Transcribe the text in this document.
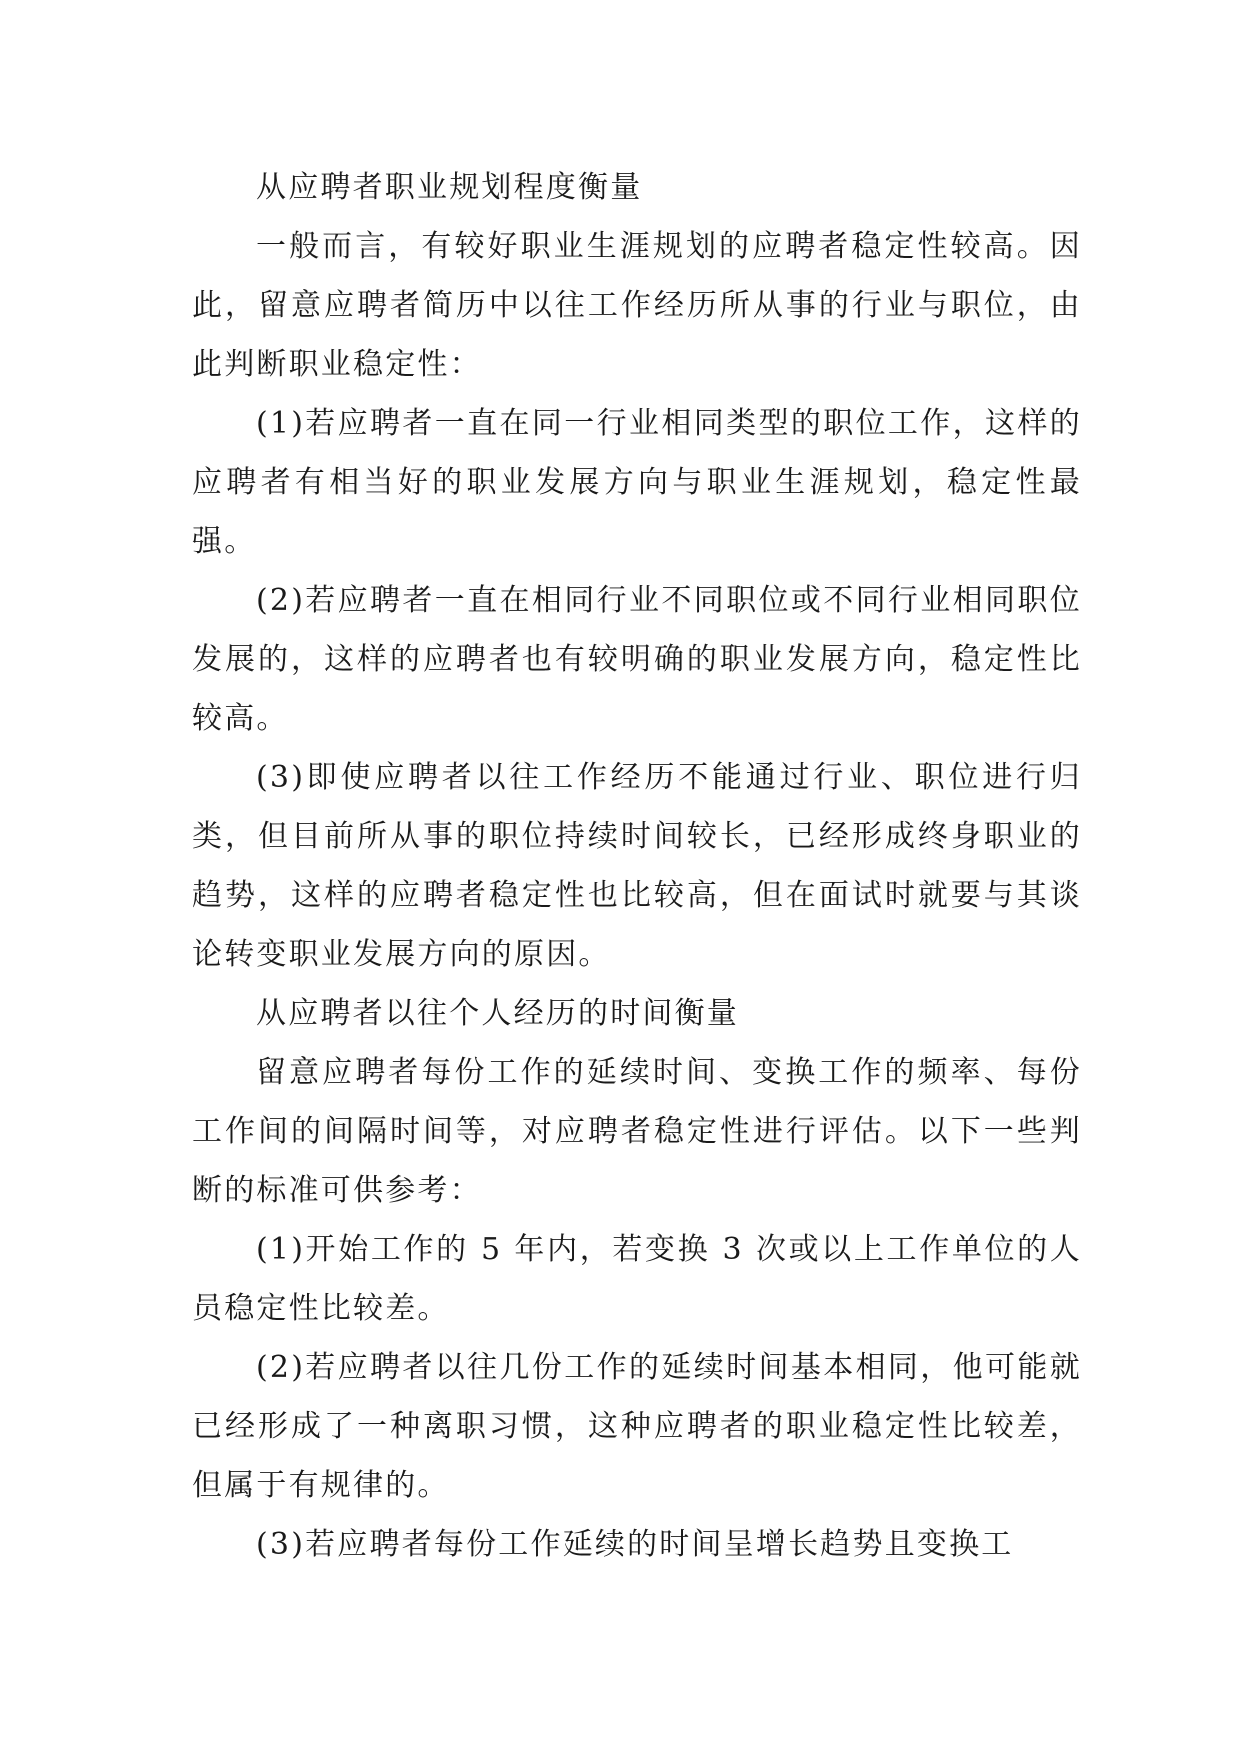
从应聘者职业规划程度衡量

一般而言，有较好职业生涯规划的应聘者稳定性较高。因此，留意应聘者简历中以往工作经历所从事的行业与职位，由此判断职业稳定性：

(1)若应聘者一直在同一行业相同类型的职位工作，这样的应聘者有相当好的职业发展方向与职业生涯规划，稳定性最强。

(2)若应聘者一直在相同行业不同职位或不同行业相同职位发展的，这样的应聘者也有较明确的职业发展方向，稳定性比较高。

(3)即使应聘者以往工作经历不能通过行业、职位进行归类，但目前所从事的职位持续时间较长，已经形成终身职业的趋势，这样的应聘者稳定性也比较高，但在面试时就要与其谈论转变职业发展方向的原因。

从应聘者以往个人经历的时间衡量

留意应聘者每份工作的延续时间、变换工作的频率、每份工作间的间隔时间等，对应聘者稳定性进行评估。以下一些判断的标准可供参考：

(1)开始工作的 5 年内，若变换 3 次或以上工作单位的人员稳定性比较差。

(2)若应聘者以往几份工作的延续时间基本相同，他可能就已经形成了一种离职习惯，这种应聘者的职业稳定性比较差，但属于有规律的。

(3)若应聘者每份工作延续的时间呈增长趋势且变换工
